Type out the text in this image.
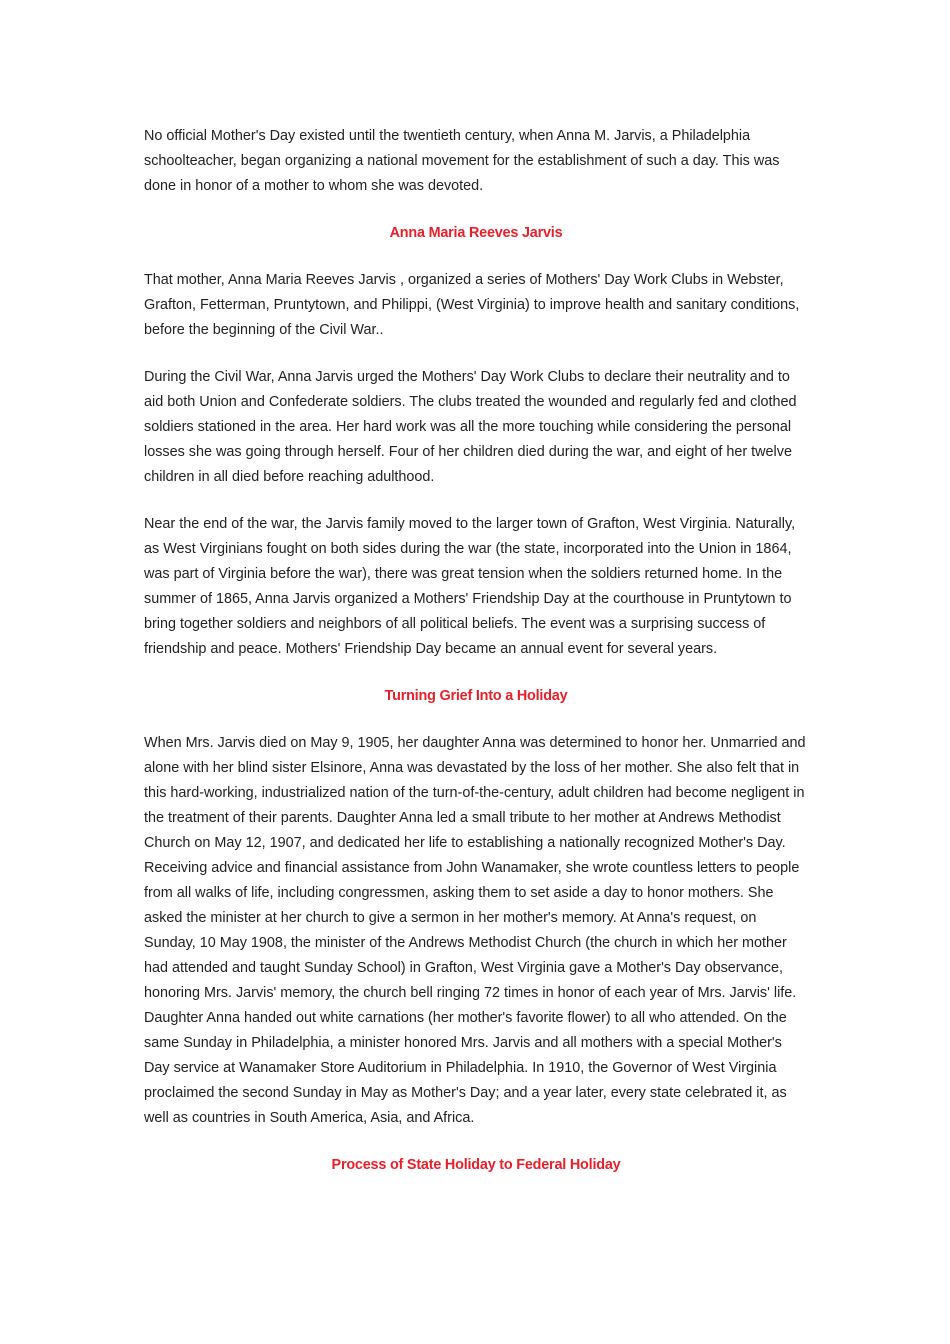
No official Mother's Day existed until the twentieth century, when Anna M. Jarvis, a Philadelphia schoolteacher, began organizing a national movement for the establishment of such a day. This was done in honor of a mother to whom she was devoted.

Anna Maria Reeves Jarvis

That mother, Anna Maria Reeves Jarvis , organized a series of Mothers' Day Work Clubs in Webster, Grafton, Fetterman, Pruntytown, and Philippi, (West Virginia) to improve health and sanitary conditions, before the beginning of the Civil War..

During the Civil War, Anna Jarvis urged the Mothers' Day Work Clubs to declare their neutrality and to aid both Union and Confederate soldiers. The clubs treated the wounded and regularly fed and clothed soldiers stationed in the area. Her hard work was all the more touching while considering the personal losses she was going through herself. Four of her children died during the war, and eight of her twelve children in all died before reaching adulthood.

Near the end of the war, the Jarvis family moved to the larger town of Grafton, West Virginia. Naturally, as West Virginians fought on both sides during the war (the state, incorporated into the Union in 1864, was part of Virginia before the war), there was great tension when the soldiers returned home. In the summer of 1865, Anna Jarvis organized a Mothers' Friendship Day at the courthouse in Pruntytown to bring together soldiers and neighbors of all political beliefs. The event was a surprising success of friendship and peace. Mothers' Friendship Day became an annual event for several years.

Turning Grief Into a Holiday

When Mrs. Jarvis died on May 9, 1905, her daughter Anna was determined to honor her. Unmarried and alone with her blind sister Elsinore, Anna was devastated by the loss of her mother. She also felt that in this hard-working, industrialized nation of the turn-of-the-century, adult children had become negligent in the treatment of their parents. Daughter Anna led a small tribute to her mother at Andrews Methodist Church on May 12, 1907, and dedicated her life to establishing a nationally recognized Mother's Day. Receiving advice and financial assistance from John Wanamaker, she wrote countless letters to people from all walks of life, including congressmen, asking them to set aside a day to honor mothers. She asked the minister at her church to give a sermon in her mother's memory. At Anna's request, on Sunday, 10 May 1908, the minister of the Andrews Methodist Church (the church in which her mother had attended and taught Sunday School) in Grafton, West Virginia gave a Mother's Day observance, honoring Mrs. Jarvis' memory, the church bell ringing 72 times in honor of each year of Mrs. Jarvis' life. Daughter Anna handed out white carnations (her mother's favorite flower) to all who attended. On the same Sunday in Philadelphia, a minister honored Mrs. Jarvis and all mothers with a special Mother's Day service at Wanamaker Store Auditorium in Philadelphia. In 1910, the Governor of West Virginia proclaimed the second Sunday in May as Mother's Day; and a year later, every state celebrated it, as well as countries in South America, Asia, and Africa.

Process of State Holiday to Federal Holiday
